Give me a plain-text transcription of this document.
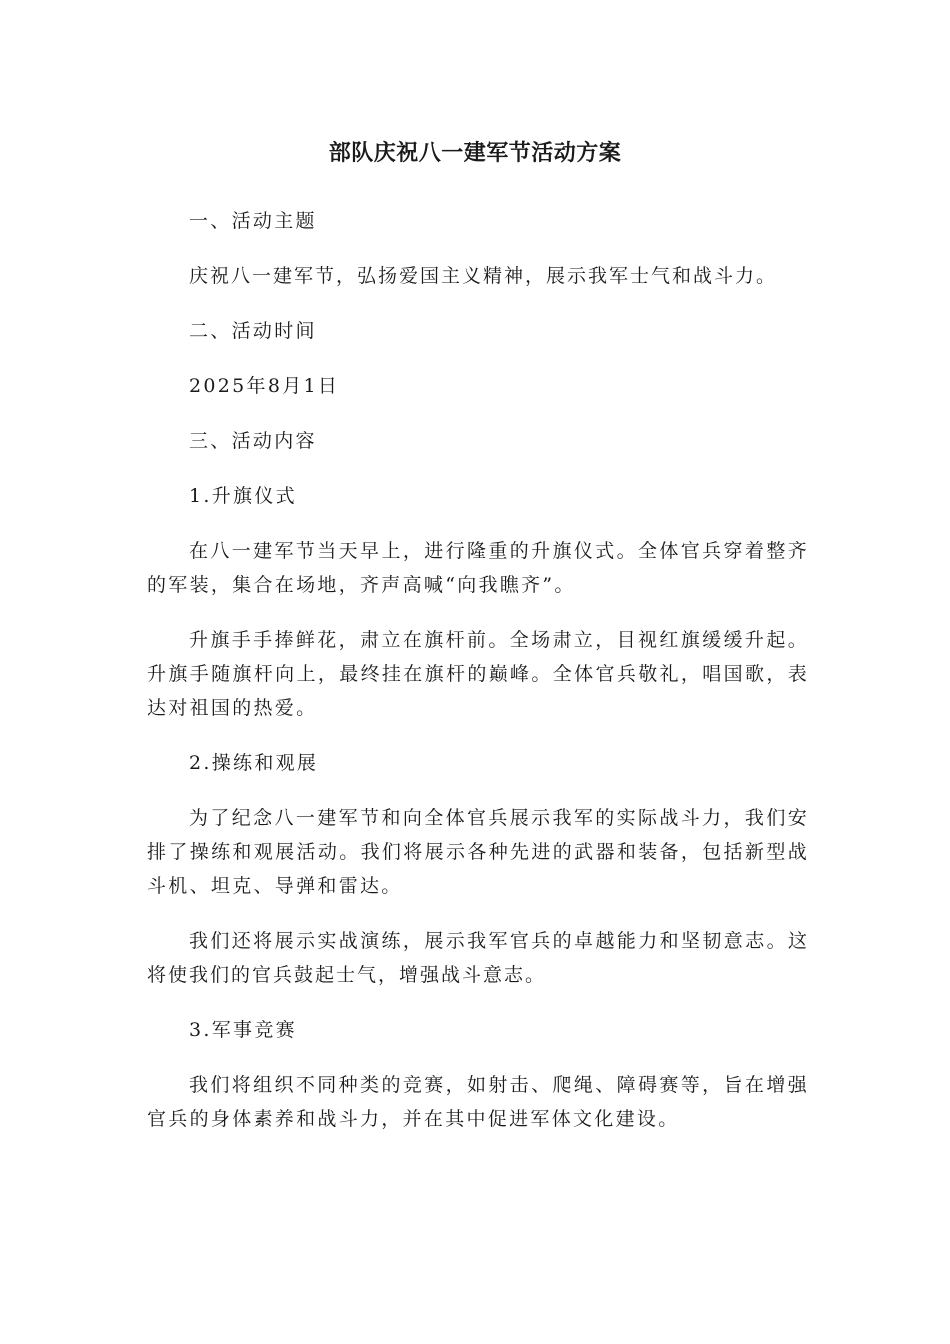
部队庆祝八一建军节活动方案

一、活动主题

庆祝八一建军节，弘扬爱国主义精神，展示我军士气和战斗力。

二、活动时间

2025年8月1日

三、活动内容

1.升旗仪式

在八一建军节当天早上，进行隆重的升旗仪式。全体官兵穿着整齐的军装，集合在场地，齐声高喊“向我瞧齐”。

升旗手手捧鲜花，肃立在旗杆前。全场肃立，目视红旗缓缓升起。升旗手随旗杆向上，最终挂在旗杆的巅峰。全体官兵敬礼，唱国歌，表达对祖国的热爱。

2.操练和观展

为了纪念八一建军节和向全体官兵展示我军的实际战斗力，我们安排了操练和观展活动。我们将展示各种先进的武器和装备，包括新型战斗机、坦克、导弹和雷达。

我们还将展示实战演练，展示我军官兵的卓越能力和坚韧意志。这将使我们的官兵鼓起士气，增强战斗意志。

3.军事竞赛

我们将组织不同种类的竞赛，如射击、爬绳、障碍赛等，旨在增强官兵的身体素养和战斗力，并在其中促进军体文化建设。
